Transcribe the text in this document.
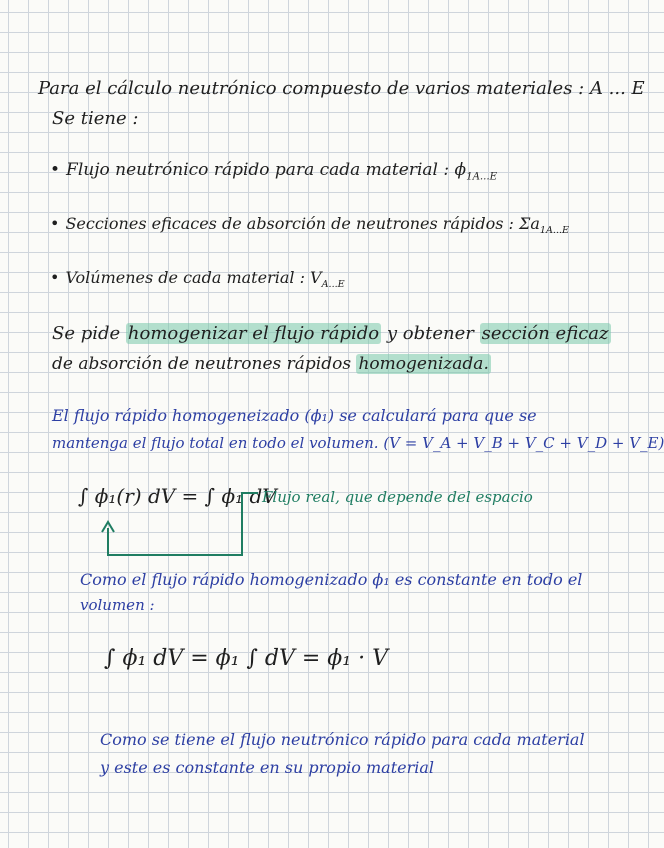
Para el cálculo neutrónico compuesto de varios materiales : A ... E
Se tiene :
• Flujo neutrónico rápido para cada material : $\phi_{1A...E}$
• Secciones eficaces de absorción de neutrones rápidos : $\Sigma a_{1A...E}$
• Volúmenes de cada material : $V_{A...E}$
Se pide homogenizar el flujo rápido y obtener sección eficaz
de absorción de neutrones rápidos homogenizada.
El flujo rápido homogeneizado (ϕ₁) se calculará para que se
mantenga el flujo total en todo el volumen. (V = V_A + V_B + V_C + V_D + V_E)
∫ ϕ₁(r) dV = ∫ ϕ₁ dV
Flujo real, que depende del espacio
Como el flujo rápido homogenizado ϕ₁ es constante en todo el
volumen :
∫ ϕ₁ dV = ϕ₁ ∫ dV = ϕ₁ · V
Como se tiene el flujo neutrónico rápido para cada material
y este es constante en su propio material
